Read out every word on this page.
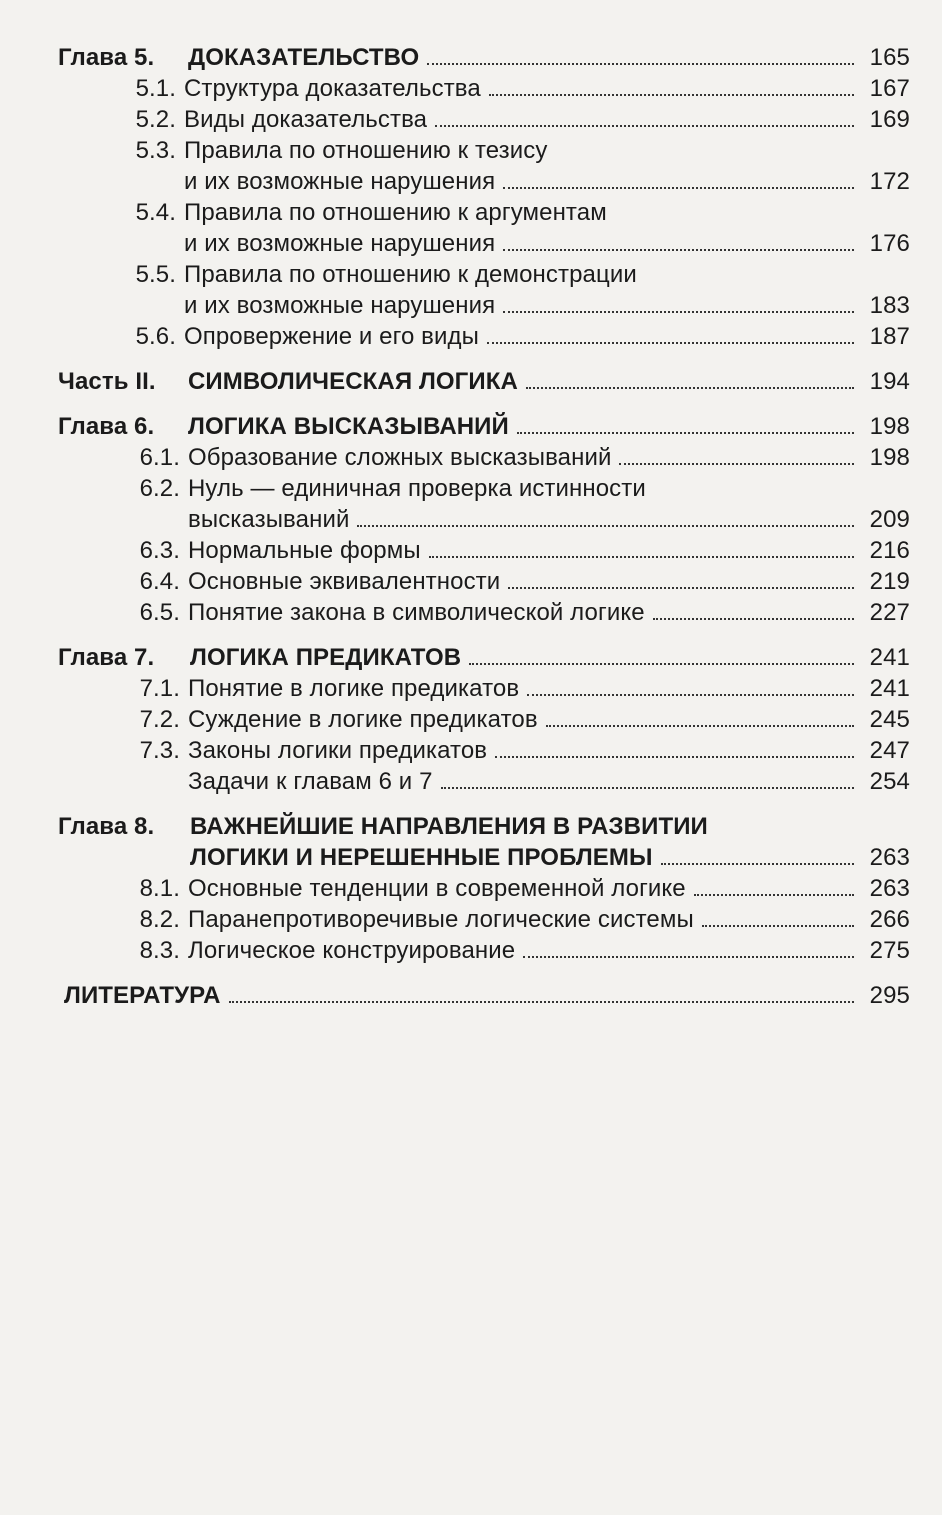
Глава 5.	ДОКАЗАТЕЛЬСТВО	165
5.1. Структура доказательства	167
5.2. Виды доказательства	169
5.3. Правила по отношению к тезису
и их возможные нарушения	172
5.4. Правила по отношению к аргументам
и их возможные нарушения	176
5.5. Правила по отношению к демонстрации
и их возможные нарушения	183
5.6. Опровержение и его виды	187
Часть II.	СИМВОЛИЧЕСКАЯ ЛОГИКА	194
Глава 6.	ЛОГИКА ВЫСКАЗЫВАНИЙ	198
6.1. Образование сложных высказываний	198
6.2. Нуль — единичная проверка истинности
высказываний	209
6.3. Нормальные формы	216
6.4. Основные эквивалентности	219
6.5. Понятие закона в символической логике	227
Глава 7.	ЛОГИКА ПРЕДИКАТОВ	241
7.1. Понятие в логике предикатов	241
7.2. Суждение в логике предикатов	245
7.3. Законы логики предикатов	247
Задачи к главам 6 и 7	254
Глава 8.	ВАЖНЕЙШИЕ НАПРАВЛЕНИЯ В РАЗВИТИИ
ЛОГИКИ И НЕРЕШЕННЫЕ ПРОБЛЕМЫ	263
8.1. Основные тенденции в современной логике	263
8.2. Паранепротиворечивые логические системы	266
8.3. Логическое конструирование	275
ЛИТЕРАТУРА	295
